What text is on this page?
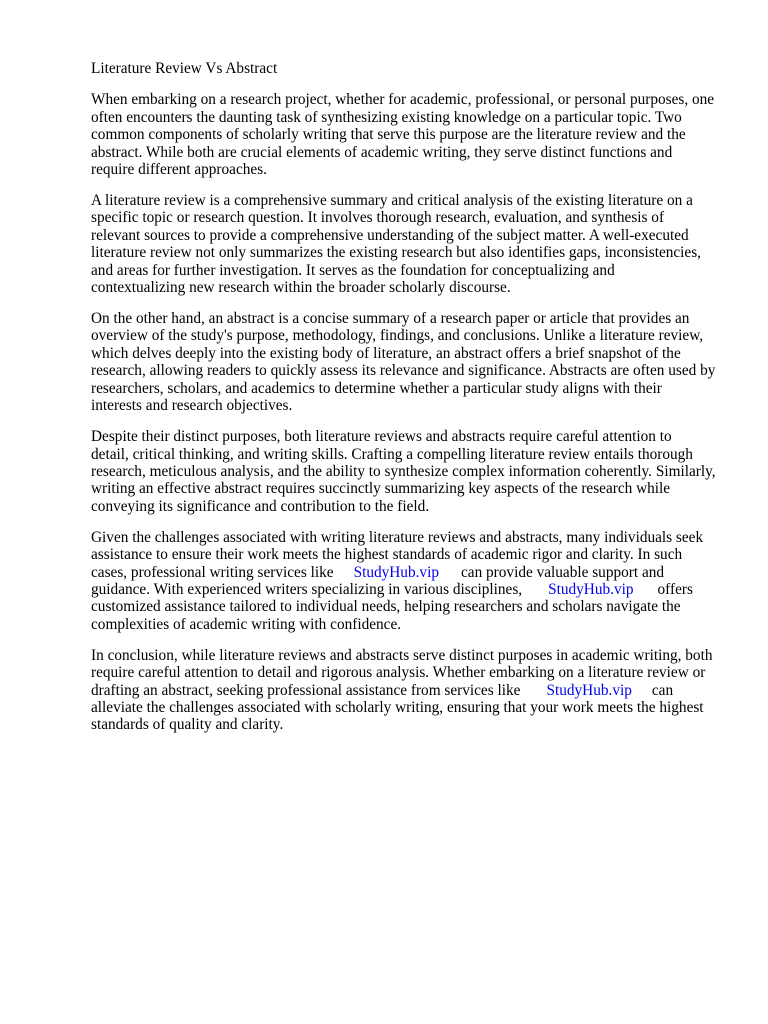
Literature Review Vs Abstract

When embarking on a research project, whether for academic, professional, or personal purposes, one
often encounters the daunting task of synthesizing existing knowledge on a particular topic. Two
common components of scholarly writing that serve this purpose are the literature review and the
abstract. While both are crucial elements of academic writing, they serve distinct functions and
require different approaches.

A literature review is a comprehensive summary and critical analysis of the existing literature on a
specific topic or research question. It involves thorough research, evaluation, and synthesis of
relevant sources to provide a comprehensive understanding of the subject matter. A well-executed
literature review not only summarizes the existing research but also identifies gaps, inconsistencies,
and areas for further investigation. It serves as the foundation for conceptualizing and
contextualizing new research within the broader scholarly discourse.

On the other hand, an abstract is a concise summary of a research paper or article that provides an
overview of the study's purpose, methodology, findings, and conclusions. Unlike a literature review,
which delves deeply into the existing body of literature, an abstract offers a brief snapshot of the
research, allowing readers to quickly assess its relevance and significance. Abstracts are often used by
researchers, scholars, and academics to determine whether a particular study aligns with their
interests and research objectives.

Despite their distinct purposes, both literature reviews and abstracts require careful attention to
detail, critical thinking, and writing skills. Crafting a compelling literature review entails thorough
research, meticulous analysis, and the ability to synthesize complex information coherently. Similarly,
writing an effective abstract requires succinctly summarizing key aspects of the research while
conveying its significance and contribution to the field.

Given the challenges associated with writing literature reviews and abstracts, many individuals seek
assistance to ensure their work meets the highest standards of academic rigor and clarity. In such
cases, professional writing services like StudyHub.vip can provide valuable support and
guidance. With experienced writers specializing in various disciplines, StudyHub.vip offers
customized assistance tailored to individual needs, helping researchers and scholars navigate the
complexities of academic writing with confidence.

In conclusion, while literature reviews and abstracts serve distinct purposes in academic writing, both
require careful attention to detail and rigorous analysis. Whether embarking on a literature review or
drafting an abstract, seeking professional assistance from services like StudyHub.vip can
alleviate the challenges associated with scholarly writing, ensuring that your work meets the highest
standards of quality and clarity.
